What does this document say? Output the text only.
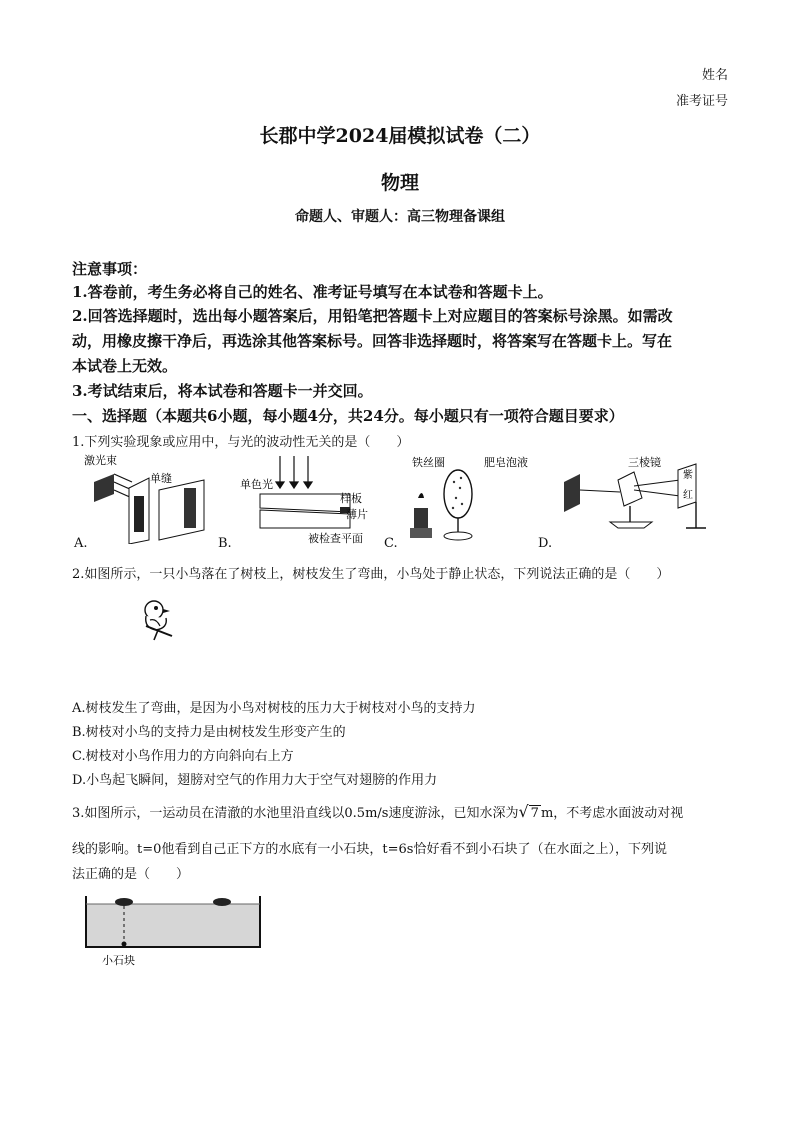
姓名
准考证号
长郡中学2024届模拟试卷（二）
物理
命题人、审题人：高三物理备课组
注意事项：
1.答卷前，考生务必将自己的姓名、准考证号填写在本试卷和答题卡上。
2.回答选择题时，选出每小题答案后，用铅笔把答题卡上对应题目的答案标号涂黑。如需改
动，用橡皮擦干净后，再选涂其他答案标号。回答非选择题时，将答案写在答题卡上。写在
本试卷上无效。
3.考试结束后，将本试卷和答题卡一并交回。
一、选择题（本题共6小题，每小题4分，共24分。每小题只有一项符合题目要求）
1.下列实验现象或应用中，与光的波动性无关的是（　　）
激光束
单缝
A.
单色光
样板
薄片
被检查平面
B.
铁丝圈	肥皂泡液
C.
三棱镜
紫
红
D.
2.如图所示，一只小鸟落在了树枝上，树枝发生了弯曲，小鸟处于静止状态，下列说法正确的是（　　）
A.树枝发生了弯曲，是因为小鸟对树枝的压力大于树枝对小鸟的支持力
B.树枝对小鸟的支持力是由树枝发生形变产生的
C.树枝对小鸟作用力的方向斜向右上方
D.小鸟起飞瞬间，翅膀对空气的作用力大于空气对翅膀的作用力
3.如图所示，一运动员在清澈的水池里沿直线以0.5m/s速度游泳，已知水深为√ 7 m，不考虑水面波动对视
线的影响。t=0他看到自己正下方的水底有一小石块，t=6s恰好看不到小石块了（在水面之上），下列说
法正确的是（　　）
小石块
